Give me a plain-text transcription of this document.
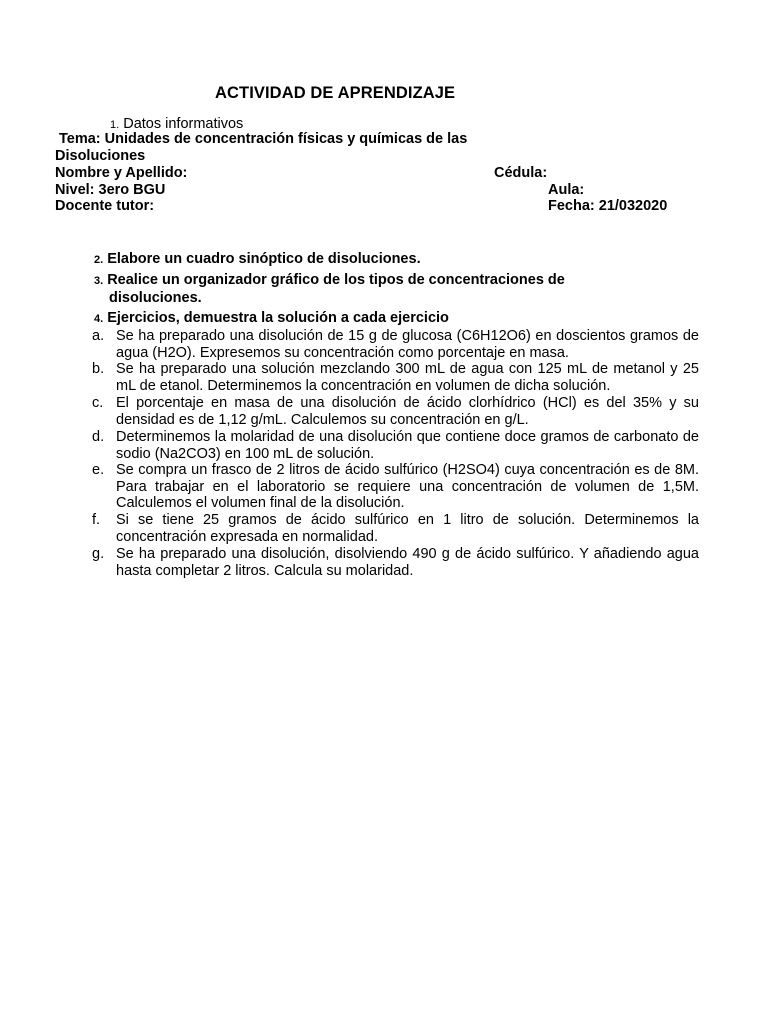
ACTIVIDAD DE APRENDIZAJE
1. Datos informativos
Tema: Unidades de concentración físicas y químicas de las
Disoluciones
Nombre y Apellido:	Cédula:
Nivel: 3ero BGU	Aula:
Docente tutor:	Fecha: 21/032020
2. Elabore un cuadro sinóptico de disoluciones.
3. Realice un organizador gráfico de los tipos de concentraciones de
disoluciones.
4. Ejercicios, demuestra la solución a cada ejercicio
a. Se ha preparado una disolución de 15 g de glucosa (C6H12O6) en doscientos gramos de agua (H2O). Expresemos su concentración como porcentaje en masa.
b. Se ha preparado una solución mezclando 300 mL de agua con 125 mL de metanol y 25 mL de etanol. Determinemos la concentración en volumen de dicha solución.
c. El porcentaje en masa de una disolución de ácido clorhídrico (HCl) es del 35% y su densidad es de 1,12 g/mL. Calculemos su concentración en g/L.
d. Determinemos la molaridad de una disolución que contiene doce gramos de carbonato de sodio (Na2CO3) en 100 mL de solución.
e. Se compra un frasco de 2 litros de ácido sulfúrico (H2SO4) cuya concentración es de 8M. Para trabajar en el laboratorio se requiere una concentración de volumen de 1,5M. Calculemos el volumen final de la disolución.
f. Si se tiene 25 gramos de ácido sulfúrico en 1 litro de solución. Determinemos la concentración expresada en normalidad.
g. Se ha preparado una disolución, disolviendo 490 g de ácido sulfúrico. Y añadiendo agua hasta completar 2 litros. Calcula su molaridad.
